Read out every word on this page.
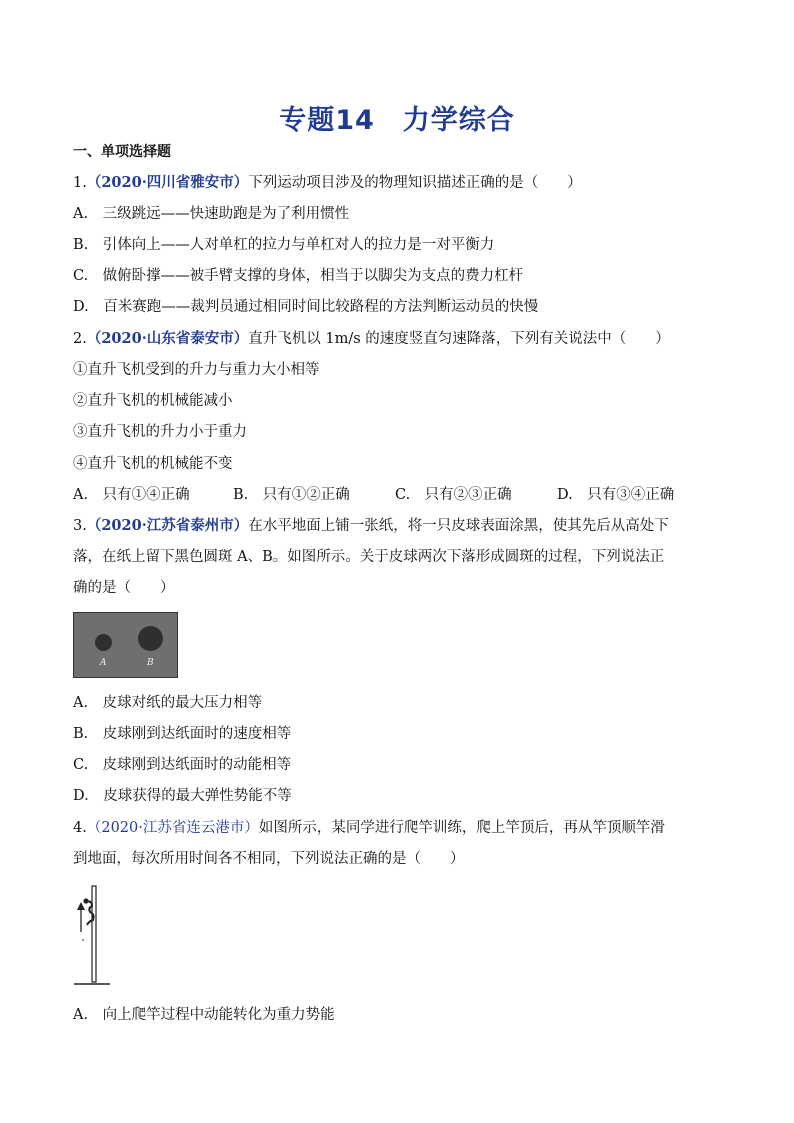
专题14　力学综合
一、单项选择题
1.（2020·四川省雅安市）下列运动项目涉及的物理知识描述正确的是（　　）
A.　三级跳远——快速助跑是为了利用惯性
B.　引体向上——人对单杠的拉力与单杠对人的拉力是一对平衡力
C.　做俯卧撑——被手臂支撑的身体，相当于以脚尖为支点的费力杠杆
D.　百米赛跑——裁判员通过相同时间比较路程的方法判断运动员的快慢
2.（2020·山东省泰安市）直升飞机以 1m/s 的速度竖直匀速降落，下列有关说法中（　　）
①直升飞机受到的升力与重力大小相等
②直升飞机的机械能减小
③直升飞机的升力小于重力
④直升飞机的机械能不变
A.　只有①④正确	B.　只有①②正确	C.　只有②③正确	D.　只有③④正确
3.（2020·江苏省泰州市）在水平地面上铺一张纸，将一只皮球表面涂黑，使其先后从高处下
落，在纸上留下黑色圆斑 A、B。如图所示。关于皮球两次下落形成圆斑的过程，下列说法正
确的是（　　）
A	B
A.　皮球对纸的最大压力相等
B.　皮球刚到达纸面时的速度相等
C.　皮球刚到达纸面时的动能相等
D.　皮球获得的最大弹性势能不等
4.（2020·江苏省连云港市）如图所示，某同学进行爬竿训练，爬上竿顶后，再从竿顶顺竿滑
到地面，每次所用时间各不相同，下列说法正确的是（　　）
A.　向上爬竿过程中动能转化为重力势能
